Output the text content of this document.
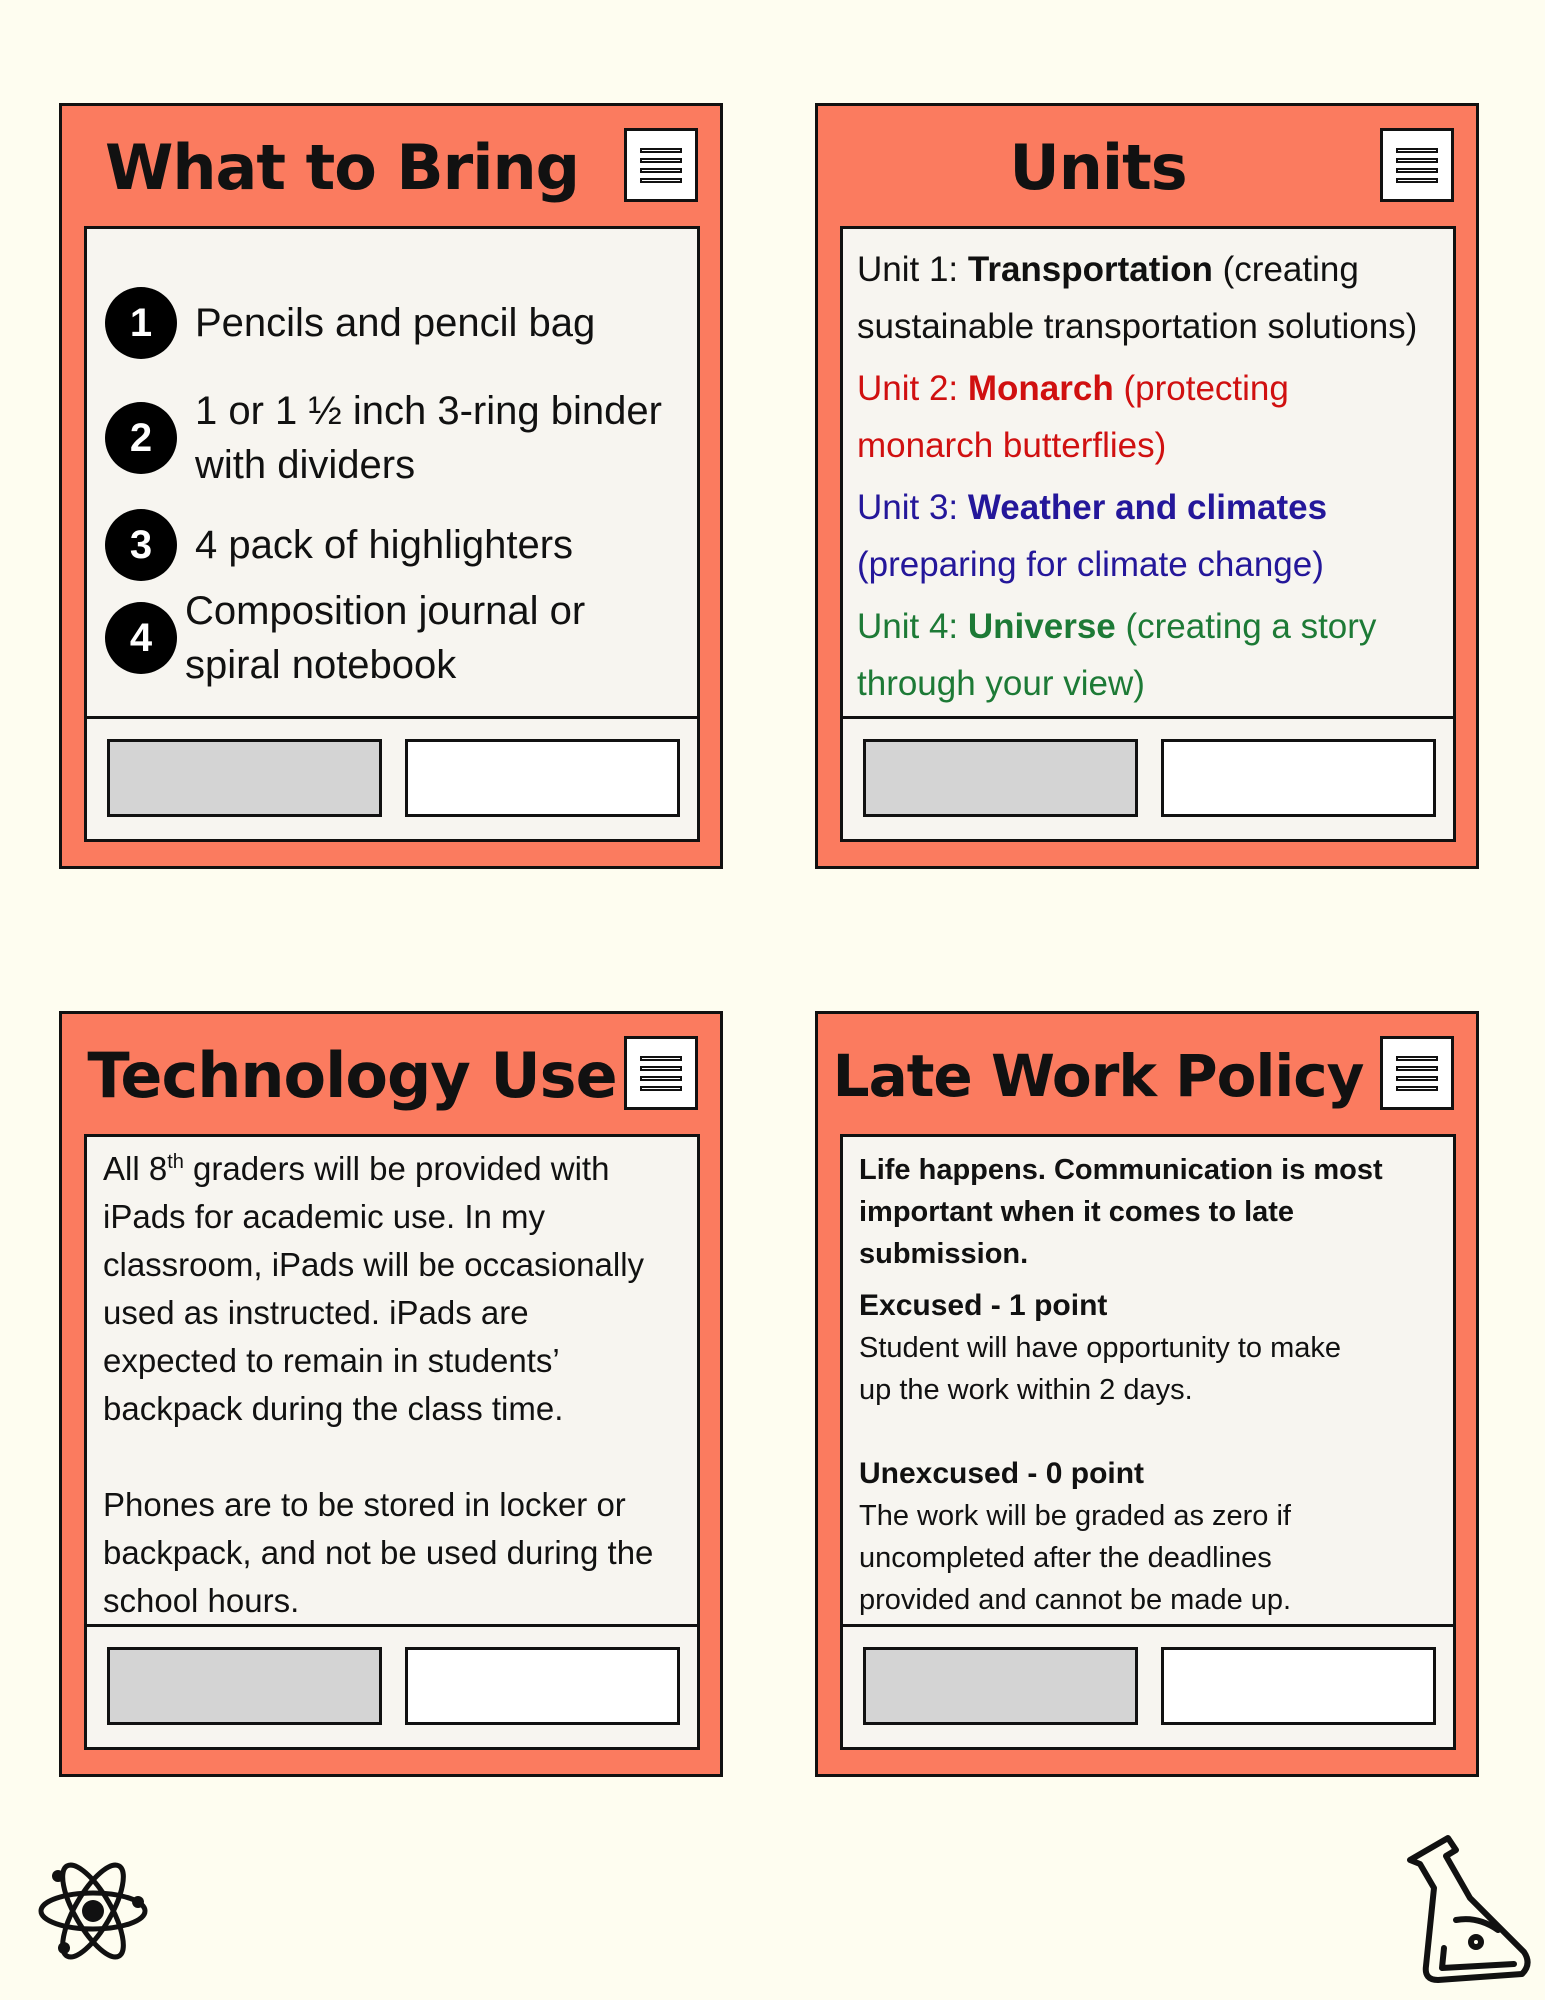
What to Bring
1	Pencils and pencil bag
2
1 or 1 ½ inch 3-ring binder
with dividers
3	4 pack of highlighters
4
Composition journal or
spiral notebook
Units

Unit 1: Transportation (creating
sustainable transportation solutions)

Unit 2: Monarch (protecting
monarch butterflies)

Unit 3: Weather and climates
(preparing for climate change)

Unit 4: Universe (creating a story
through your view)

Technology Use

All 8th graders will be provided with
iPads for academic use. In my
classroom, iPads will be occasionally
used as instructed. iPads are
expected to remain in students’
backpack during the class time.

Phones are to be stored in locker or
backpack, and not be used during the
school hours.

Late Work Policy
Life happens. Communication is most
important when it comes to late
submission.
Excused - 1 point
Student will have opportunity to make
up the work within 2 days.
Unexcused - 0 point
The work will be graded as zero if
uncompleted after the deadlines
provided and cannot be made up.
